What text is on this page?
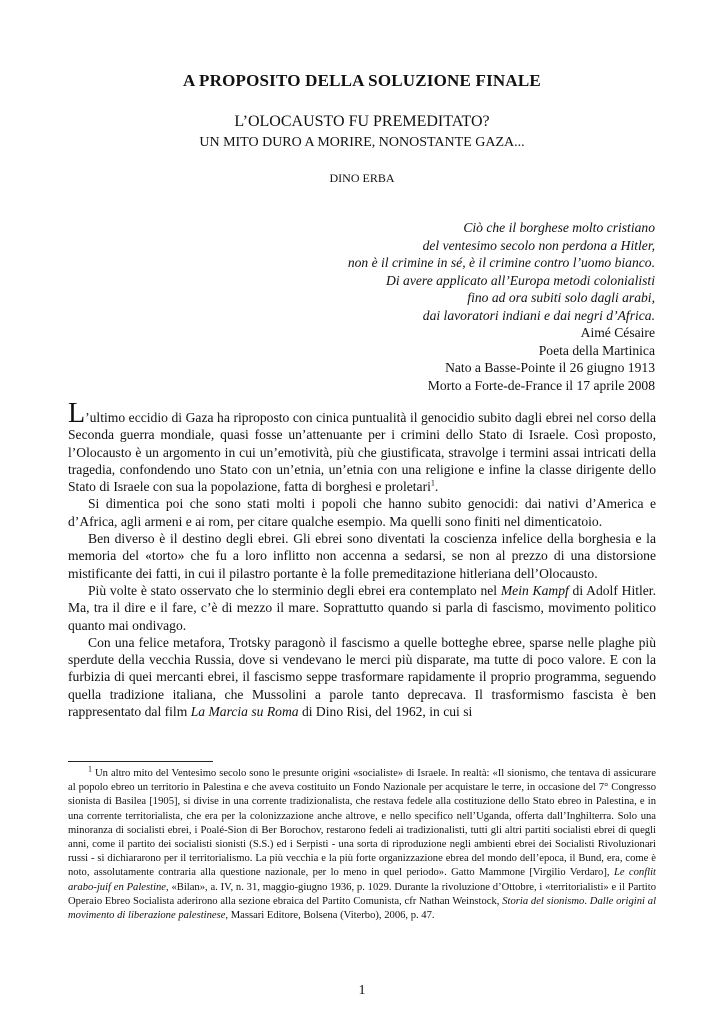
A PROPOSITO DELLA SOLUZIONE FINALE
L’OLOCAUSTO FU PREMEDITATO?
UN MITO DURO A MORIRE, NONOSTANTE GAZA...
DINO ERBA
Ciò che il borghese molto cristiano
del ventesimo secolo non perdona a Hitler,
non è il crimine in sé, è il crimine contro l’uomo bianco.
Di avere applicato all’Europa metodi colonialisti
fino ad ora subiti solo dagli arabi,
dai lavoratori indiani e dai negri d’Africa.
Aimé Césaire
Poeta della Martinica
Nato a Basse-Pointe il 26 giugno 1913
Morto a Forte-de-France il 17 aprile 2008

L’ultimo eccidio di Gaza ha riproposto con cinica puntualità il genocidio subito dagli ebrei nel corso della Seconda guerra mondiale, quasi fosse un’attenuante per i crimini dello Stato di Israele. Così proposto, l’Olocausto è un argomento in cui un’emotività, più che giustificata, stravolge i termini assai intricati della tragedia, confondendo uno Stato con un’etnia, un’etnia con una religione e infine la classe dirigente dello Stato di Israele con sua la popolazione, fatta di borghesi e proletari$^1$.

Si dimentica poi che sono stati molti i popoli che hanno subito genocidi: dai nativi d’America e d’Africa, agli armeni e ai rom, per citare qualche esempio. Ma quelli sono finiti nel dimenticatoio.

Ben diverso è il destino degli ebrei. Gli ebrei sono diventati la coscienza infelice della borghesia e la memoria del «torto» che fu a loro inflitto non accenna a sedarsi, se non al prezzo di una distorsione mistificante dei fatti, in cui il pilastro portante è la folle premeditazione hitleriana dell’Olocausto.

Più volte è stato osservato che lo sterminio degli ebrei era contemplato nel Mein Kampf di Adolf Hitler. Ma, tra il dire e il fare, c’è di mezzo il mare. Soprattutto quando si parla di fascismo, movimento politico quanto mai ondivago.

Con una felice metafora, Trotsky paragonò il fascismo a quelle botteghe ebree, sparse nelle plaghe più sperdute della vecchia Russia, dove si vendevano le merci più disparate, ma tutte di poco valore. E con la furbizia di quei mercanti ebrei, il fascismo seppe trasformare rapidamente il proprio programma, seguendo quella tradizione italiana, che Mussolini a parole tanto deprecava. Il trasformismo fascista è ben rappresentato dal film La Marcia su Roma di Dino Risi, del 1962, in cui si

$^1$ Un altro mito del Ventesimo secolo sono le presunte origini «socialiste» di Israele. In realtà: «Il sionismo, che tentava di assicurare al popolo ebreo un territorio in Palestina e che aveva costituito un Fondo Nazionale per acquistare le terre, in occasione del 7° Congresso sionista di Basilea [1905], si divise in una corrente tradizionalista, che restava fedele alla costituzione dello Stato ebreo in Palestina, e in una corrente territorialista, che era per la colonizzazione anche altrove, e nello specifico nell’Uganda, offerta dall’Inghilterra. Solo una minoranza di socialisti ebrei, i Poalé-Sion di Ber Borochov, restarono fedeli ai tradizionalisti, tutti gli altri partiti socialisti ebrei di quegli anni, come il partito dei socialisti sionisti (S.S.) ed i Serpisti - una sorta di riproduzione negli ambienti ebrei dei Socialisti Rivoluzionari russi - si dichiararono per il territorialismo. La più vecchia e la più forte organizzazione ebrea del mondo dell’epoca, il Bund, era, come è noto, assolutamente contraria alla questione nazionale, per lo meno in quel periodo». Gatto Mammone [Virgilio Verdaro], Le conflit arabo-juif en Palestine, «Bilan», a. IV, n. 31, maggio-giugno 1936, p. 1029. Durante la rivoluzione d’Ottobre, i «territorialisti» e il Partito Operaio Ebreo Socialista aderirono alla sezione ebraica del Partito Comunista, cfr Nathan Weinstock, Storia del sionismo. Dalle origini al movimento di liberazione palestinese, Massari Editore, Bolsena (Viterbo), 2006, p. 47.

1
